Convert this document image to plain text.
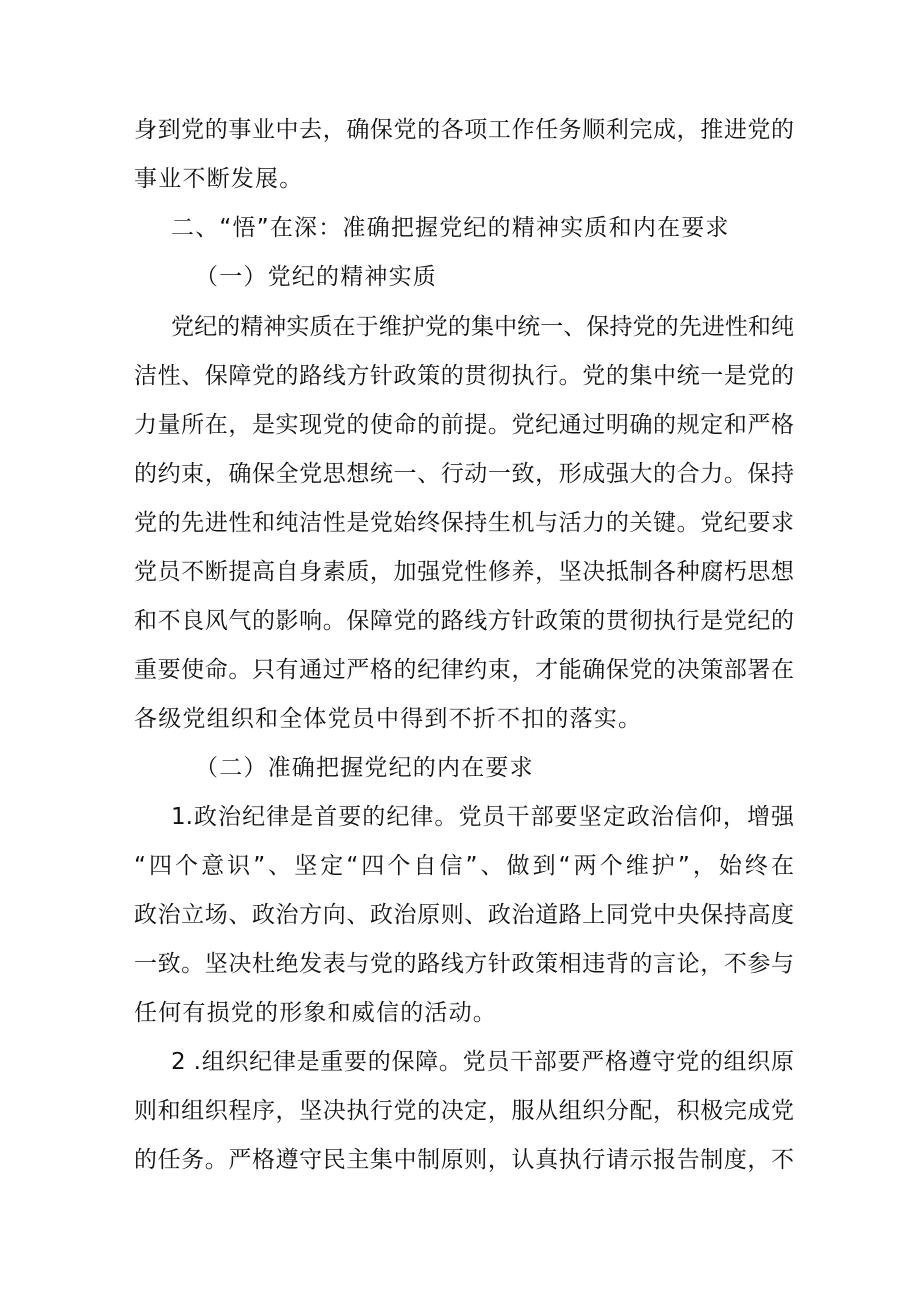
身到党的事业中去，确保党的各项工作任务顺利完成，推进党的
事业不断发展。
二、“悟”在深：准确把握党纪的精神实质和内在要求
（一）党纪的精神实质
党纪的精神实质在于维护党的集中统一、保持党的先进性和纯
洁性、保障党的路线方针政策的贯彻执行。党的集中统一是党的
力量所在，是实现党的使命的前提。党纪通过明确的规定和严格
的约束，确保全党思想统一、行动一致，形成强大的合力。保持
党的先进性和纯洁性是党始终保持生机与活力的关键。党纪要求
党员不断提高自身素质，加强党性修养，坚决抵制各种腐朽思想
和不良风气的影响。保障党的路线方针政策的贯彻执行是党纪的
重要使命。只有通过严格的纪律约束，才能确保党的决策部署在
各级党组织和全体党员中得到不折不扣的落实。
（二）准确把握党纪的内在要求
1.政治纪律是首要的纪律。党员干部要坚定政治信仰，增强
“四个意识”、坚定“四个自信”、做到“两个维护”，始终在
政治立场、政治方向、政治原则、政治道路上同党中央保持高度
一致。坚决杜绝发表与党的路线方针政策相违背的言论，不参与
任何有损党的形象和威信的活动。
2 .组织纪律是重要的保障。党员干部要严格遵守党的组织原
则和组织程序，坚决执行党的决定，服从组织分配，积极完成党
的任务。严格遵守民主集中制原则，认真执行请示报告制度，不
